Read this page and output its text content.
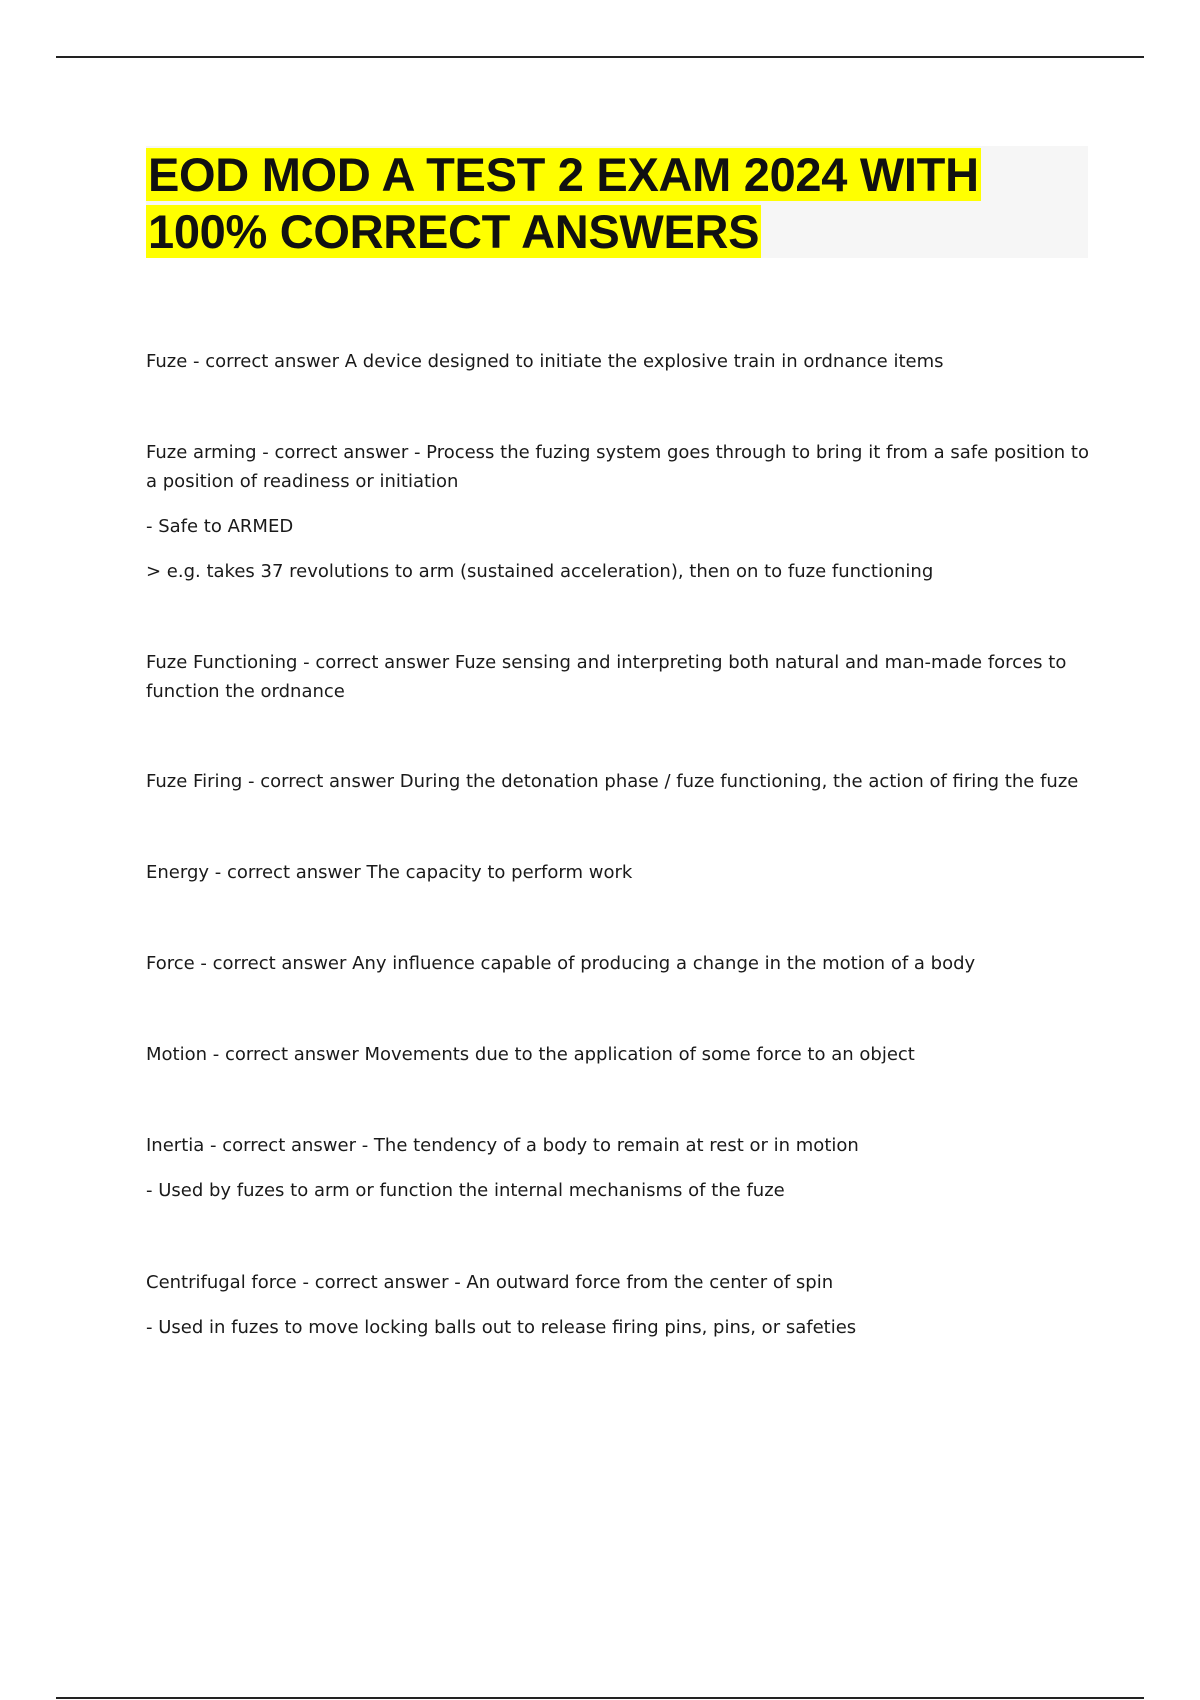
EOD MOD A TEST 2 EXAM 2024 WITH 100% CORRECT ANSWERS

Fuze - correct answer A device designed to initiate the explosive train in ordnance items

Fuze arming - correct answer - Process the fuzing system goes through to bring it from a safe position to a position of readiness or initiation

- Safe to ARMED

> e.g. takes 37 revolutions to arm (sustained acceleration), then on to fuze functioning

Fuze Functioning - correct answer Fuze sensing and interpreting both natural and man-made forces to function the ordnance

Fuze Firing - correct answer During the detonation phase / fuze functioning, the action of firing the fuze

Energy - correct answer The capacity to perform work

Force - correct answer Any influence capable of producing a change in the motion of a body

Motion - correct answer Movements due to the application of some force to an object

Inertia - correct answer - The tendency of a body to remain at rest or in motion

- Used by fuzes to arm or function the internal mechanisms of the fuze

Centrifugal force - correct answer - An outward force from the center of spin

- Used in fuzes to move locking balls out to release firing pins, pins, or safeties
